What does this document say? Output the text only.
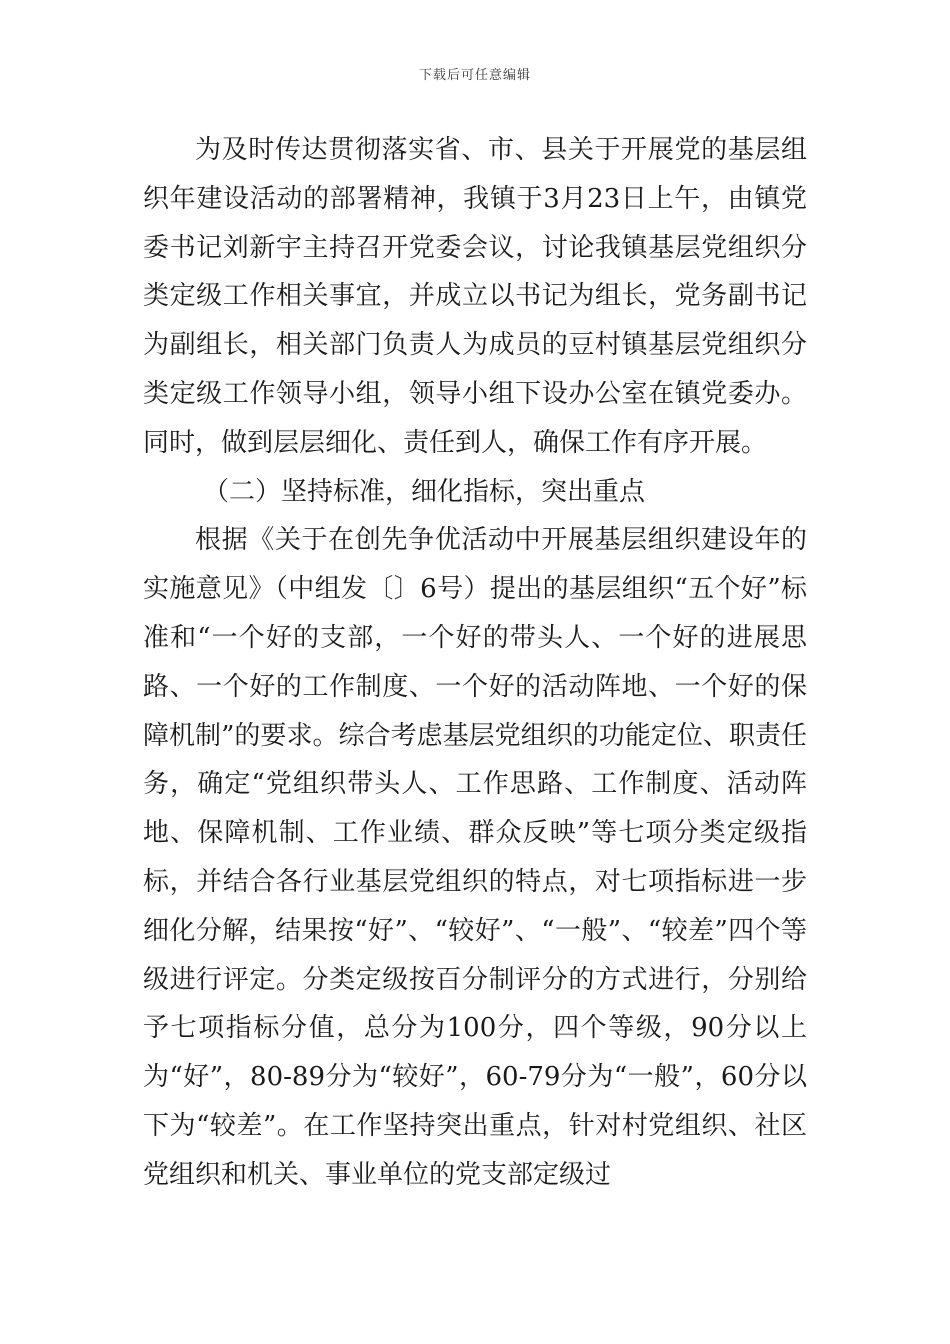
下载后可任意编辑

为及时传达贯彻落实省、市、县关于开展党的基层组织年建设活动的部署精神，我镇于3月23日上午，由镇党委书记刘新宇主持召开党委会议，讨论我镇基层党组织分类定级工作相关事宜，并成立以书记为组长，党务副书记为副组长，相关部门负责人为成员的豆村镇基层党组织分类定级工作领导小组，领导小组下设办公室在镇党委办。同时，做到层层细化、责任到人，确保工作有序开展。

（二）坚持标准，细化指标，突出重点

根据《关于在创先争优活动中开展基层组织建设年的实施意见》（中组发〔〕6号）提出的基层组织“五个好”标准和“一个好的支部，一个好的带头人、一个好的进展思路、一个好的工作制度、一个好的活动阵地、一个好的保障机制”的要求。综合考虑基层党组织的功能定位、职责任务，确定“党组织带头人、工作思路、工作制度、活动阵地、保障机制、工作业绩、群众反映”等七项分类定级指标，并结合各行业基层党组织的特点，对七项指标进一步细化分解，结果按“好”、“较好”、“一般”、“较差”四个等级进行评定。分类定级按百分制评分的方式进行，分别给予七项指标分值，总分为100分，四个等级，90分以上为“好”，80-89分为“较好”，60-79分为“一般”，60分以下为“较差”。在工作坚持突出重点，针对村党组织、社区党组织和机关、事业单位的党支部定级过
